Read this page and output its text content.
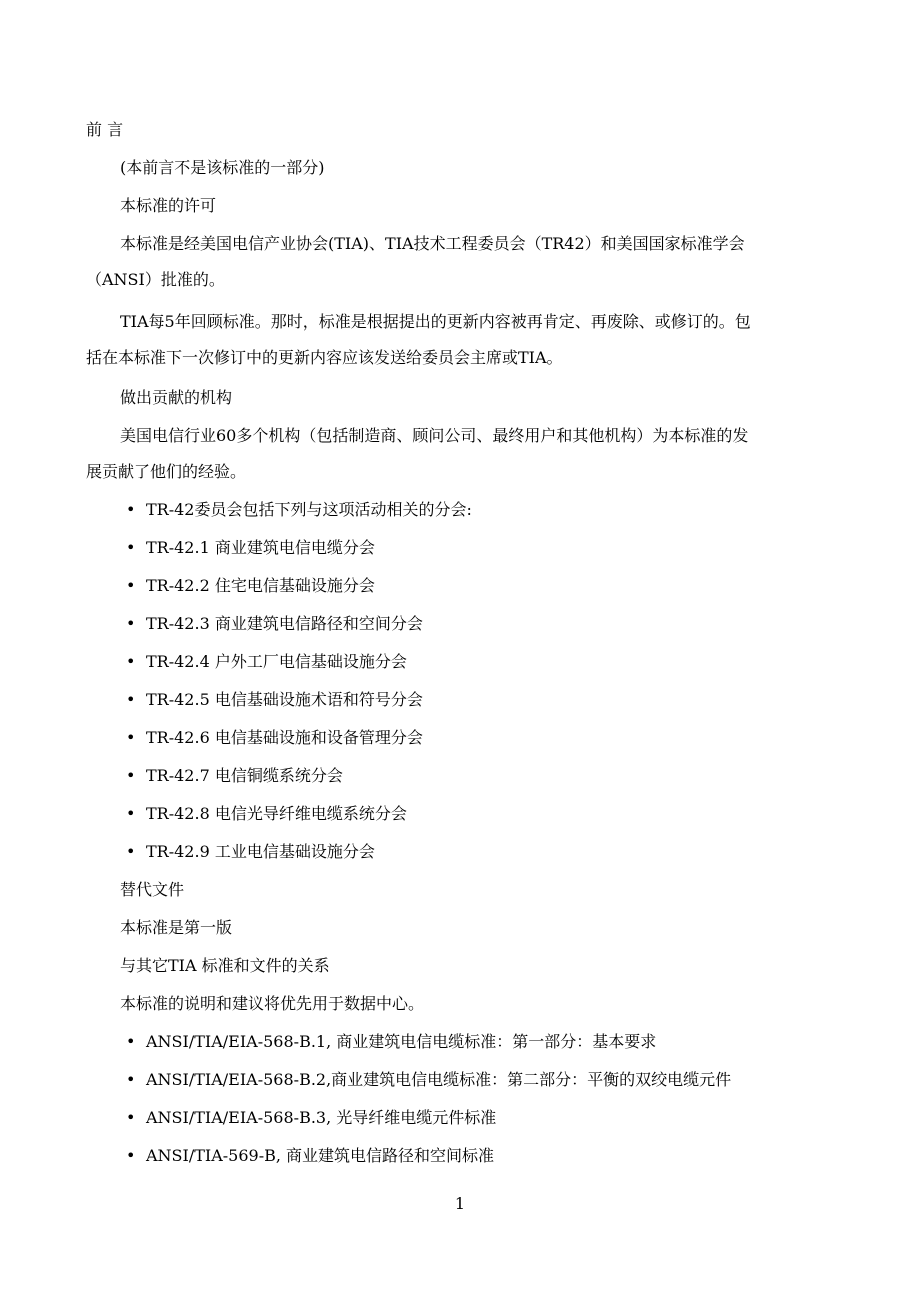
前 言
(本前言不是该标准的一部分)
本标准的许可
本标准是经美国电信产业协会(TIA)、TIA技术工程委员会（TR42）和美国国家标准学会
（ANSI）批准的。
TIA每5年回顾标准。那时，标准是根据提出的更新内容被再肯定、再废除、或修订的。包
括在本标准下一次修订中的更新内容应该发送给委员会主席或TIA。
做出贡献的机构
美国电信行业60多个机构（包括制造商、顾问公司、最终用户和其他机构）为本标准的发
展贡献了他们的经验。
• TR-42委员会包括下列与这项活动相关的分会:
• TR-42.1 商业建筑电信电缆分会
• TR-42.2 住宅电信基础设施分会
• TR-42.3 商业建筑电信路径和空间分会
• TR-42.4 户外工厂电信基础设施分会
• TR-42.5 电信基础设施术语和符号分会
• TR-42.6 电信基础设施和设备管理分会
• TR-42.7 电信铜缆系统分会
• TR-42.8 电信光导纤维电缆系统分会
• TR-42.9 工业电信基础设施分会
替代文件
本标准是第一版
与其它TIA 标准和文件的关系
本标准的说明和建议将优先用于数据中心。
• ANSI/TIA/EIA-568-B.1, 商业建筑电信电缆标准：第一部分：基本要求
• ANSI/TIA/EIA-568-B.2,商业建筑电信电缆标准：第二部分：平衡的双绞电缆元件
• ANSI/TIA/EIA-568-B.3, 光导纤维电缆元件标准
• ANSI/TIA-569-B, 商业建筑电信路径和空间标准
1
